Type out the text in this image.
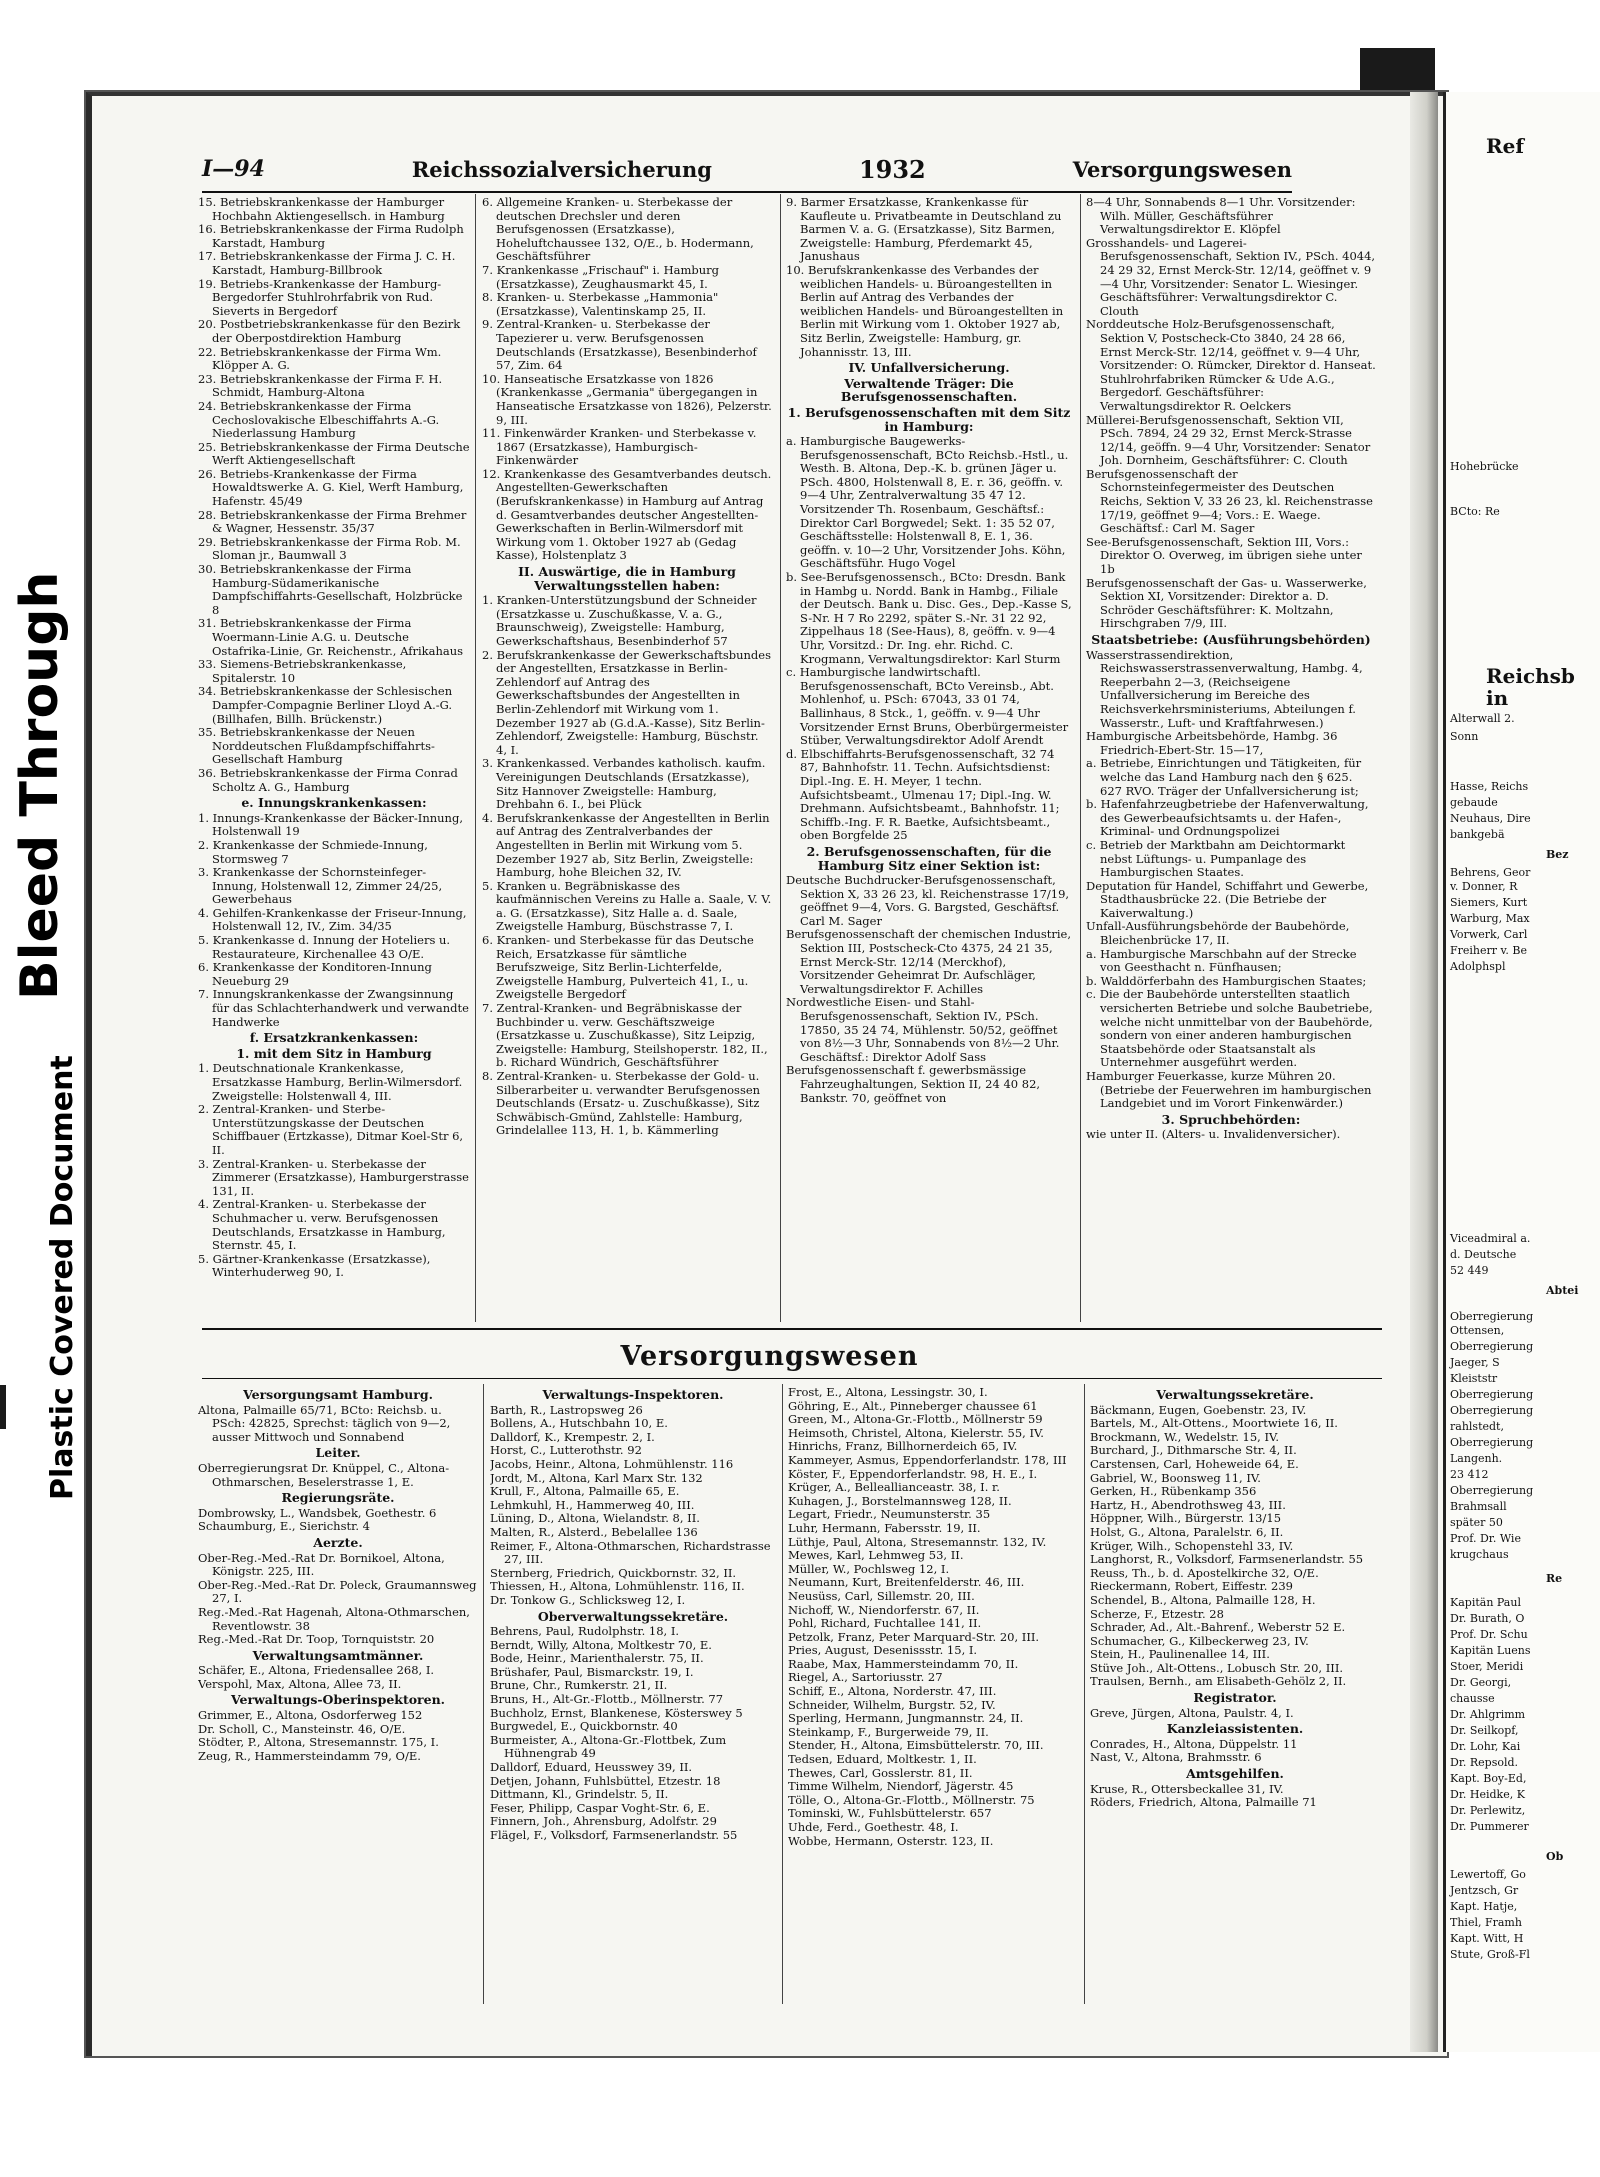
Bleed Through
Plastic Covered Document
I—94	Reichssozialversicherung	1932	Versorgungswesen

15. Betriebskrankenkasse der Hamburger Hochbahn Aktiengesellsch. in Hamburg

16. Betriebskrankenkasse der Firma Rudolph Karstadt, Hamburg

17. Betriebskrankenkasse der Firma J. C. H. Karstadt, Hamburg-Billbrook

19. Betriebs-Krankenkasse der Hamburg-Bergedorfer Stuhlrohrfabrik von Rud. Sieverts in Bergedorf

20. Postbetriebskrankenkasse für den Bezirk der Oberpostdirektion Hamburg

22. Betriebskrankenkasse der Firma Wm. Klöpper A. G.

23. Betriebskrankenkasse der Firma F. H. Schmidt, Hamburg-Altona

24. Betriebskrankenkasse der Firma Cechoslovakische Elbeschiffahrts A.-G. Niederlassung Hamburg

25. Betriebskrankenkasse der Firma Deutsche Werft Aktiengesellschaft

26. Betriebs-Krankenkasse der Firma Howaldtswerke A. G. Kiel, Werft Hamburg, Hafenstr. 45/49

28. Betriebskrankenkasse der Firma Brehmer & Wagner, Hessenstr. 35/37

29. Betriebskrankenkasse der Firma Rob. M. Sloman jr., Baumwall 3

30. Betriebskrankenkasse der Firma Hamburg-Südamerikanische Dampfschiffahrts-Gesellschaft, Holzbrücke 8

31. Betriebskrankenkasse der Firma Woermann-Linie A.G. u. Deutsche Ostafrika-Linie, Gr. Reichenstr., Afrikahaus

33. Siemens-Betriebskrankenkasse, Spitalerstr. 10

34. Betriebskrankenkasse der Schlesischen Dampfer-Compagnie Berliner Lloyd A.-G. (Billhafen, Billh. Brückenstr.)

35. Betriebskrankenkasse der Neuen Norddeutschen Flußdampfschiffahrts-Gesellschaft Hamburg

36. Betriebskrankenkasse der Firma Conrad Scholtz A. G., Hamburg

e. Innungskrankenkassen:

1. Innungs-Krankenkasse der Bäcker-Innung, Holstenwall 19

2. Krankenkasse der Schmiede-Innung, Stormsweg 7

3. Krankenkasse der Schornsteinfeger-Innung, Holstenwall 12, Zimmer 24/25, Gewerbehaus

4. Gehilfen-Krankenkasse der Friseur-Innung, Holstenwall 12, IV., Zim. 34/35

5. Krankenkasse d. Innung der Hoteliers u. Restaurateure, Kirchenallee 43 O/E.

6. Krankenkasse der Konditoren-Innung Neueburg 29

7. Innungskrankenkasse der Zwangsinnung für das Schlachterhandwerk und verwandte Handwerke

f. Ersatzkrankenkassen:

1. mit dem Sitz in Hamburg

1. Deutschnationale Krankenkasse, Ersatzkasse Hamburg, Berlin-Wilmersdorf. Zweigstelle: Holstenwall 4, III.

2. Zentral-Kranken- und Sterbe-Unterstützungskasse der Deutschen Schiffbauer (Ertzkasse), Ditmar Koel-Str 6, II.

3. Zentral-Kranken- u. Sterbekasse der Zimmerer (Ersatzkasse), Hamburgerstrasse 131, II.

4. Zentral-Kranken- u. Sterbekasse der Schuhmacher u. verw. Berufsgenossen Deutschlands, Ersatzkasse in Hamburg, Sternstr. 45, I.

5. Gärtner-Krankenkasse (Ersatzkasse), Winterhuderweg 90, I.

6. Allgemeine Kranken- u. Sterbekasse der deutschen Drechsler und deren Berufsgenossen (Ersatzkasse), Hoheluftchaussee 132, O/E., b. Hodermann, Geschäftsführer

7. Krankenkasse „Frischauf" i. Hamburg (Ersatzkasse), Zeughausmarkt 45, I.

8. Kranken- u. Sterbekasse „Hammonia" (Ersatzkasse), Valentinskamp 25, II.

9. Zentral-Kranken- u. Sterbekasse der Tapezierer u. verw. Berufsgenossen Deutschlands (Ersatzkasse), Besenbinderhof 57, Zim. 64

10. Hanseatische Ersatzkasse von 1826 (Krankenkasse „Germania" übergegangen in Hanseatische Ersatzkasse von 1826), Pelzerstr. 9, III.

11. Finkenwärder Kranken- und Sterbekasse v. 1867 (Ersatzkasse), Hamburgisch-Finkenwärder

12. Krankenkasse des Gesamtverbandes deutsch. Angestellten-Gewerkschaften (Berufskrankenkasse) in Hamburg auf Antrag d. Gesamtverbandes deutscher Angestellten-Gewerkschaften in Berlin-Wilmersdorf mit Wirkung vom 1. Oktober 1927 ab (Gedag Kasse), Holstenplatz 3

II. Auswärtige, die in Hamburg Verwaltungsstellen haben:

1. Kranken-Unterstützungsbund der Schneider (Ersatzkasse u. Zuschußkasse, V. a. G., Braunschweig), Zweigstelle: Hamburg, Gewerkschaftshaus, Besenbinderhof 57

2. Berufskrankenkasse der Gewerkschaftsbundes der Angestellten, Ersatzkasse in Berlin-Zehlendorf auf Antrag des Gewerkschaftsbundes der Angestellten in Berlin-Zehlendorf mit Wirkung vom 1. Dezember 1927 ab (G.d.A.-Kasse), Sitz Berlin-Zehlendorf, Zweigstelle: Hamburg, Büschstr. 4, I.

3. Krankenkassed. Verbandes katholisch. kaufm. Vereinigungen Deutschlands (Ersatzkasse), Sitz Hannover Zweigstelle: Hamburg, Drehbahn 6. I., bei Plück

4. Berufskrankenkasse der Angestellten in Berlin auf Antrag des Zentralverbandes der Angestellten in Berlin mit Wirkung vom 5. Dezember 1927 ab, Sitz Berlin, Zweigstelle: Hamburg, hohe Bleichen 32, IV.

5. Kranken u. Begräbniskasse des kaufmännischen Vereins zu Halle a. Saale, V. V. a. G. (Ersatzkasse), Sitz Halle a. d. Saale, Zweigstelle Hamburg, Büschstrasse 7, I.

6. Kranken- und Sterbekasse für das Deutsche Reich, Ersatzkasse für sämtliche Berufszweige, Sitz Berlin-Lichterfelde, Zweigstelle Hamburg, Pulverteich 41, I., u. Zweigstelle Bergedorf

7. Zentral-Kranken- und Begräbniskasse der Buchbinder u. verw. Geschäftszweige (Ersatzkasse u. Zuschußkasse), Sitz Leipzig, Zweigstelle: Hamburg, Steilshoperstr. 182, II., b. Richard Wündrich, Geschäftsführer

8. Zentral-Kranken- u. Sterbekasse der Gold- u. Silberarbeiter u. verwandter Berufsgenossen Deutschlands (Ersatz- u. Zuschußkasse), Sitz Schwäbisch-Gmünd, Zahlstelle: Hamburg, Grindelallee 113, H. 1, b. Kämmerling

9. Barmer Ersatzkasse, Krankenkasse für Kaufleute u. Privatbeamte in Deutschland zu Barmen V. a. G. (Ersatzkasse), Sitz Barmen, Zweigstelle: Hamburg, Pferdemarkt 45, Janushaus

10. Berufskrankenkasse des Verbandes der weiblichen Handels- u. Büroangestellten in Berlin auf Antrag des Verbandes der weiblichen Handels- und Büroangestellten in Berlin mit Wirkung vom 1. Oktober 1927 ab, Sitz Berlin, Zweigstelle: Hamburg, gr. Johannisstr. 13, III.

IV. Unfallversicherung.

Verwaltende Träger: Die Berufsgenossenschaften.

1. Berufsgenossenschaften mit dem Sitz in Hamburg:

a. Hamburgische Baugewerks-Berufsgenossenschaft, BCto Reichsb.-Hstl., u. Westh. B. Altona, Dep.-K. b. grünen Jäger u. PSch. 4800, Holstenwall 8, E. r. 36, geöffn. v. 9—4 Uhr, Zentralverwaltung 35 47 12. Vorsitzender Th. Rosenbaum, Geschäftsf.: Direktor Carl Borgwedel; Sekt. 1: 35 52 07, Geschäftsstelle: Holstenwall 8, E. 1, 36. geöffn. v. 10—2 Uhr, Vorsitzender Johs. Köhn, Geschäftsführ. Hugo Vogel

b. See-Berufsgenossensch., BCto: Dresdn. Bank in Hambg u. Nordd. Bank in Hambg., Filiale der Deutsch. Bank u. Disc. Ges., Dep.-Kasse S, S-Nr. H 7 Ro 2292, später S.-Nr. 31 22 92, Zippelhaus 18 (See-Haus), 8, geöffn. v. 9—4 Uhr, Vorsitzd.: Dr. Ing. ehr. Richd. C. Krogmann, Verwaltungsdirektor: Karl Sturm

c. Hamburgische landwirtschaftl. Berufsgenossenschaft, BCto Vereinsb., Abt. Mohlenhof, u. PSch: 67043, 33 01 74, Ballinhaus, 8 Stck., 1, geöffn. v. 9—4 Uhr Vorsitzender Ernst Bruns, Oberbürgermeister Stüber, Verwaltungsdirektor Adolf Arendt

d. Elbschiffahrts-Berufsgenossenschaft, 32 74 87, Bahnhofstr. 11. Techn. Aufsichtsdienst: Dipl.-Ing. E. H. Meyer, 1 techn. Aufsichtsbeamt., Ulmenau 17; Dipl.-Ing. W. Drehmann. Aufsichtsbeamt., Bahnhofstr. 11; Schiffb.-Ing. F. R. Baetke, Aufsichtsbeamt., oben Borgfelde 25

2. Berufsgenossenschaften, für die Hamburg Sitz einer Sektion ist:

Deutsche Buchdrucker-Berufsgenossenschaft, Sektion X, 33 26 23, kl. Reichenstrasse 17/19, geöffnet 9—4, Vors. G. Bargsted, Geschäftsf. Carl M. Sager

Berufsgenossenschaft der chemischen Industrie, Sektion III, Postscheck-Cto 4375, 24 21 35, Ernst Merck-Str. 12/14 (Merckhof), Vorsitzender Geheimrat Dr. Aufschläger, Verwaltungsdirektor F. Achilles

Nordwestliche Eisen- und Stahl-Berufsgenossenschaft, Sektion IV., PSch. 17850, 35 24 74, Mühlenstr. 50/52, geöffnet von 8½—3 Uhr, Sonnabends von 8½—2 Uhr. Geschäftsf.: Direktor Adolf Sass

Berufsgenossenschaft f. gewerbsmässige Fahrzeughaltungen, Sektion II, 24 40 82, Bankstr. 70, geöffnet von

8—4 Uhr, Sonnabends 8—1 Uhr. Vorsitzender: Wilh. Müller, Geschäftsführer Verwaltungsdirektor E. Klöpfel

Grosshandels- und Lagerei-Berufsgenossenschaft, Sektion IV., PSch. 4044, 24 29 32, Ernst Merck-Str. 12/14, geöffnet v. 9—4 Uhr, Vorsitzender: Senator L. Wiesinger. Geschäftsführer: Verwaltungsdirektor C. Clouth

Norddeutsche Holz-Berufsgenossenschaft, Sektion V, Postscheck-Cto 3840, 24 28 66, Ernst Merck-Str. 12/14, geöffnet v. 9—4 Uhr, Vorsitzender: O. Rümcker, Direktor d. Hanseat. Stuhlrohrfabriken Rümcker & Ude A.G., Bergedorf. Geschäftsführer: Verwaltungsdirektor R. Oelckers

Müllerei-Berufsgenossenschaft, Sektion VII, PSch. 7894, 24 29 32, Ernst Merck-Strasse 12/14, geöffn. 9—4 Uhr, Vorsitzender: Senator Joh. Dornheim, Geschäftsführer: C. Clouth

Berufsgenossenschaft der Schornsteinfegermeister des Deutschen Reichs, Sektion V, 33 26 23, kl. Reichenstrasse 17/19, geöffnet 9—4; Vors.: E. Waege. Geschäftsf.: Carl M. Sager

See-Berufsgenossenschaft, Sektion III, Vors.: Direktor O. Overweg, im übrigen siehe unter 1b

Berufsgenossenschaft der Gas- u. Wasserwerke, Sektion XI, Vorsitzender: Direktor a. D. Schröder Geschäftsführer: K. Moltzahn, Hirschgraben 7/9, III.

Staatsbetriebe: (Ausführungsbehörden)

Wasserstrassendirektion, Reichswasserstrassenverwaltung, Hambg. 4, Reeperbahn 2—3, (Reichseigene Unfallversicherung im Bereiche des Reichsverkehrsministeriums, Abteilungen f. Wasserstr., Luft- und Kraftfahrwesen.)

Hamburgische Arbeitsbehörde, Hambg. 36 Friedrich-Ebert-Str. 15—17,

a. Betriebe, Einrichtungen und Tätigkeiten, für welche das Land Hamburg nach den § 625. 627 RVO. Träger der Unfallversicherung ist;

b. Hafenfahrzeugbetriebe der Hafenverwaltung, des Gewerbeaufsichtsamts u. der Hafen-, Kriminal- und Ordnungspolizei

c. Betrieb der Marktbahn am Deichtormarkt nebst Lüftungs- u. Pumpanlage des Hamburgischen Staates.

Deputation für Handel, Schiffahrt und Gewerbe, Stadthausbrücke 22. (Die Betriebe der Kaiverwaltung.)

Unfall-Ausführungsbehörde der Baubehörde, Bleichenbrücke 17, II.

a. Hamburgische Marschbahn auf der Strecke von Geesthacht n. Fünfhausen;

b. Walddörferbahn des Hamburgischen Staates;

c. Die der Baubehörde unterstellten staatlich versicherten Betriebe und solche Baubetriebe, welche nicht unmittelbar von der Baubehörde, sondern von einer anderen hamburgischen Staatsbehörde oder Staatsanstalt als Unternehmer ausgeführt werden.

Hamburger Feuerkasse, kurze Mühren 20. (Betriebe der Feuerwehren im hamburgischen Landgebiet und im Vorort Finkenwärder.)

3. Spruchbehörden:

wie unter II. (Alters- u. Invalidenversicher).

Versorgungswesen

Versorgungsamt Hamburg.

Altona, Palmaille 65/71, BCto: Reichsb. u. PSch: 42825, Sprechst: täglich von 9—2, ausser Mittwoch und Sonnabend

Leiter.

Oberregierungsrat Dr. Knüppel, C., Altona-Othmarschen, Beselerstrasse 1, E.

Regierungsräte.

Dombrowsky, L., Wandsbek, Goethestr. 6

Schaumburg, E., Sierichstr. 4

Aerzte.

Ober-Reg.-Med.-Rat Dr. Bornikoel, Altona, Königstr. 225, III.

Ober-Reg.-Med.-Rat Dr. Poleck, Graumannsweg 27, I.

Reg.-Med.-Rat Hagenah, Altona-Othmarschen, Reventlowstr. 38

Reg.-Med.-Rat Dr. Toop, Tornquiststr. 20

Verwaltungsamtmänner.

Schäfer, E., Altona, Friedensallee 268, I.

Verspohl, Max, Altona, Allee 73, II.

Verwaltungs-Oberinspektoren.

Grimmer, E., Altona, Osdorferweg 152

Dr. Scholl, C., Mansteinstr. 46, O/E.

Stödter, P., Altona, Stresemannstr. 175, I.

Zeug, R., Hammersteindamm 79, O/E.

Verwaltungs-Inspektoren.

Barth, R., Lastropsweg 26

Bollens, A., Hutschbahn 10, E.

Dalldorf, K., Krempestr. 2, I.

Horst, C., Lutterothstr. 92

Jacobs, Heinr., Altona, Lohmühlenstr. 116

Jordt, M., Altona, Karl Marx Str. 132

Krull, F., Altona, Palmaille 65, E.

Lehmkuhl, H., Hammerweg 40, III.

Lüning, D., Altona, Wielandstr. 8, II.

Malten, R., Alsterd., Bebelallee 136

Reimer, F., Altona-Othmarschen, Richardstrasse 27, III.

Sternberg, Friedrich, Quickbornstr. 32, II.

Thiessen, H., Altona, Lohmühlenstr. 116, II.

Dr. Tonkow G., Schlicksweg 12, I.

Oberverwaltungssekretäre.

Behrens, Paul, Rudolphstr. 18, I.

Berndt, Willy, Altona, Moltkestr 70, E.

Bode, Heinr., Marienthalerstr. 75, II.

Brüshafer, Paul, Bismarckstr. 19, I.

Brune, Chr., Rumkerstr. 21, II.

Bruns, H., Alt-Gr.-Flottb., Möllnerstr. 77

Buchholz, Ernst, Blankenese, Kösterswey 5

Burgwedel, E., Quickbornstr. 40

Burmeister, A., Altona-Gr.-Flottbek, Zum Hühnengrab 49

Dalldorf, Eduard, Heusswey 39, II.

Detjen, Johann, Fuhlsbüttel, Etzestr. 18

Dittmann, Kl., Grindelstr. 5, II.

Feser, Philipp, Caspar Voght-Str. 6, E.

Finnern, Joh., Ahrensburg, Adolfstr. 29

Flägel, F., Volksdorf, Farmsenerlandstr. 55

Frost, E., Altona, Lessingstr. 30, I.

Göhring, E., Alt., Pinneberger chaussee 61

Green, M., Altona-Gr.-Flottb., Möllnerstr 59

Heimsoth, Christel, Altona, Kielerstr. 55, IV.

Hinrichs, Franz, Billhornerdeich 65, IV.

Kammeyer, Asmus, Eppendorferlandstr. 178, III

Köster, F., Eppendorferlandstr. 98, H. E., I.

Krüger, A., Belleallianceastr. 38, I. r.

Kuhagen, J., Borstelmannsweg 128, II.

Legart, Friedr., Neumunsterstr. 35

Luhr, Hermann, Fabersstr. 19, II.

Lüthje, Paul, Altona, Stresemannstr. 132, IV.

Mewes, Karl, Lehmweg 53, II.

Müller, W., Pochlsweg 12, I.

Neumann, Kurt, Breitenfelderstr. 46, III.

Neusüss, Carl, Sillemstr. 20, III.

Nichoff, W., Niendorferstr. 67, II.

Pohl, Richard, Fuchtallee 141, II.

Petzolk, Franz, Peter Marquard-Str. 20, III.

Pries, August, Desenissstr. 15, I.

Raabe, Max, Hammersteindamm 70, II.

Riegel, A., Sartoriusstr. 27

Schiff, E., Altona, Norderstr. 47, III.

Schneider, Wilhelm, Burgstr. 52, IV.

Sperling, Hermann, Jungmannstr. 24, II.

Steinkamp, F., Burgerweide 79, II.

Stender, H., Altona, Eimsbüttelerstr. 70, III.

Tedsen, Eduard, Moltkestr. 1, II.

Thewes, Carl, Gosslerstr. 81, II.

Timme Wilhelm, Niendorf, Jägerstr. 45

Tölle, O., Altona-Gr.-Flottb., Möllnerstr. 75

Tominski, W., Fuhlsbüttelerstr. 657

Uhde, Ferd., Goethestr. 48, I.

Wobbe, Hermann, Osterstr. 123, II.

Verwaltungssekretäre.

Bäckmann, Eugen, Goebenstr. 23, IV.

Bartels, M., Alt-Ottens., Moortwiete 16, II.

Brockmann, W., Wedelstr. 15, IV.

Burchard, J., Dithmarsche Str. 4, II.

Carstensen, Carl, Hoheweide 64, E.

Gabriel, W., Boonsweg 11, IV.

Gerken, H., Rübenkamp 356

Hartz, H., Abendrothsweg 43, III.

Höppner, Wilh., Bürgerstr. 13/15

Holst, G., Altona, Paralelstr. 6, II.

Krüger, Wilh., Schopenstehl 33, IV.

Langhorst, R., Volksdorf, Farmsenerlandstr. 55

Reuss, Th., b. d. Apostelkirche 32, O/E.

Rieckermann, Robert, Eiffestr. 239

Schendel, B., Altona, Palmaille 128, H.

Scherze, F., Etzestr. 28

Schrader, Ad., Alt.-Bahrenf., Weberstr 52 E.

Schumacher, G., Kilbeckerweg 23, IV.

Stein, H., Paulinenallee 14, III.

Stüve Joh., Alt-Ottens., Lobusch Str. 20, III.

Traulsen, Bernh., am Elisabeth-Gehölz 2, II.

Registrator.

Greve, Jürgen, Altona, Paulstr. 4, I.

Kanzleiassistenten.

Conrades, H., Altona, Düppelstr. 11

Nast, V., Altona, Brahmsstr. 6

Amtsgehilfen.

Kruse, R., Ottersbeckallee 31, IV.

Röders, Friedrich, Altona, Palmaille 71

Ref
Hohebrücke
BCto: Re
Reichsb
in
Alterwall 2.
Sonn
Hasse, Reichs
gebaude
Neuhaus, Dire
bankgebä
Bez
Behrens, Geor
v. Donner, R
Siemers, Kurt
Warburg, Max
Vorwerk, Carl
Freiherr v. Be
Adolphspl
Viceadmiral a.
d. Deutsche
52 449
Abtei
Oberregierung
Ottensen,
Oberregierung
Jaeger, S
Kleiststr
Oberregierung
Oberregierung
rahlstedt,
Oberregierung
Langenh.
23 412
Oberregierung
Brahmsall
später 50
Prof. Dr. Wie
krugchaus
Re
Kapitän Paul
Dr. Burath, O
Prof. Dr. Schu
Kapitän Luens
Stoer, Meridi
Dr. Georgi,
chausse
Dr. Ahlgrimm
Dr. Seilkopf,
Dr. Lohr, Kai
Dr. Repsold.
Kapt. Boy-Ed,
Dr. Heidke, K
Dr. Perlewitz,
Dr. Pummerer
Ob
Lewertoff, Go
Jentzsch, Gr
Kapt. Hatje,
Thiel, Framh
Kapt. Witt, H
Stute, Groß-Fl
